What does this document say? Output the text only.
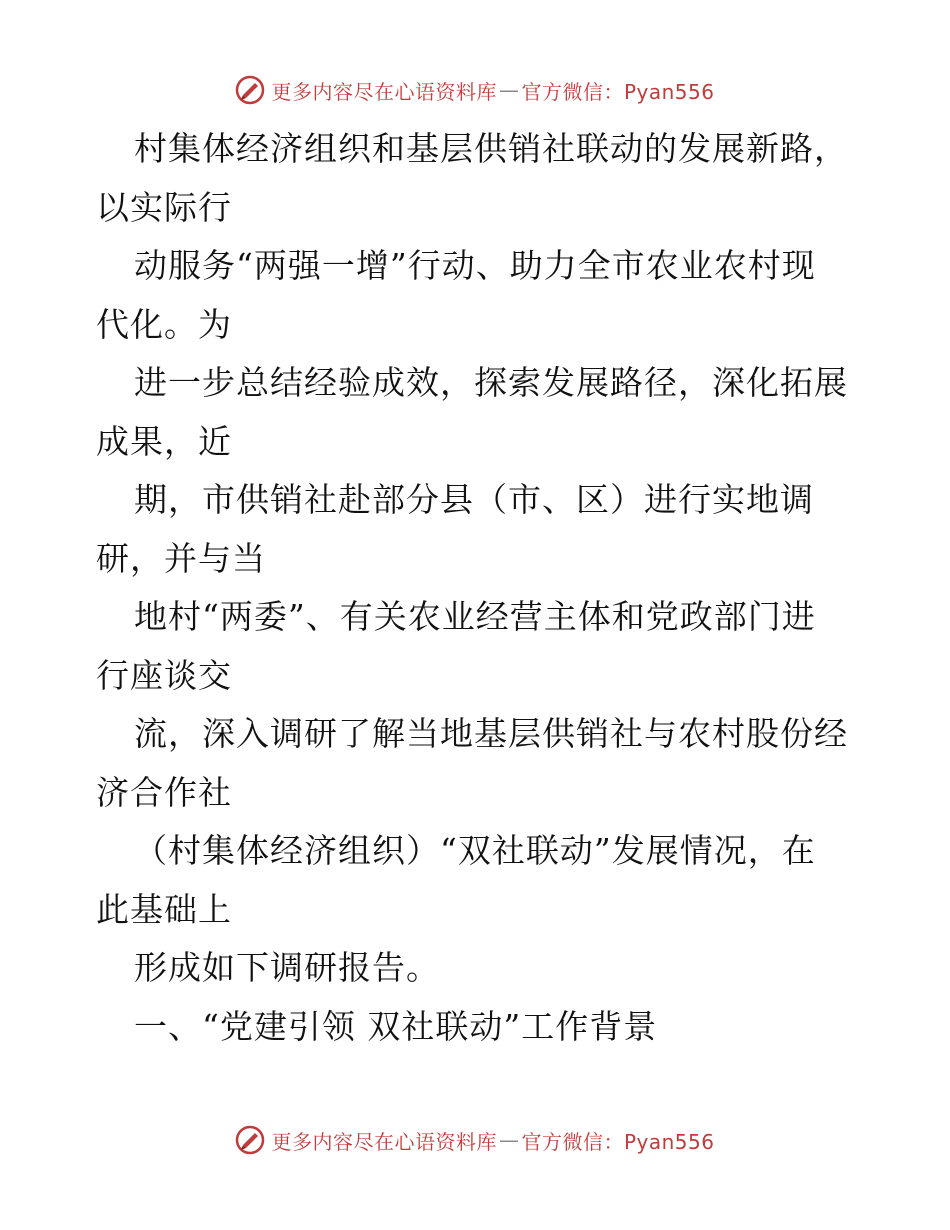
更多内容尽在心语资料库 — 官方微信：Pyan556
村集体经济组织和基层供销社联动的发展新路，
以实际行
动服务“两强一增”行动、助力全市农业农村现
代化。为
进一步总结经验成效，探索发展路径，深化拓展
成果，近
期，市供销社赴部分县（市、区）进行实地调
研，并与当
地村“两委”、有关农业经营主体和党政部门进
行座谈交
流，深入调研了解当地基层供销社与农村股份经
济合作社
（村集体经济组织）“双社联动”发展情况，在
此基础上
形成如下调研报告。
一、“党建引领 双社联动”工作背景
更多内容尽在心语资料库 — 官方微信：Pyan556
